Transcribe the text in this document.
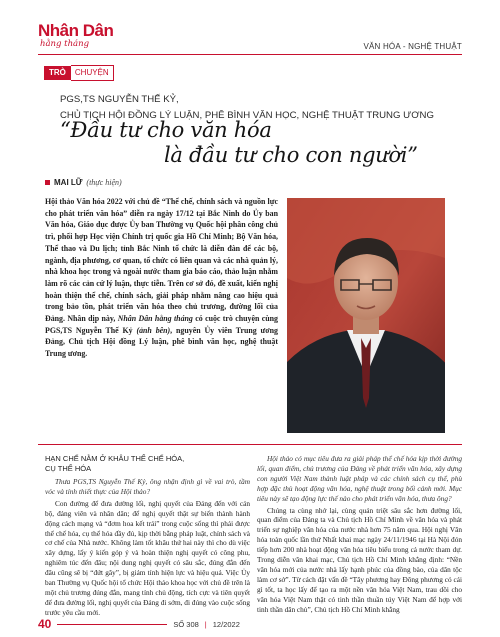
Nhân Dân
hằng tháng	VĂN HÓA - NGHỆ THUẬT
TRÒ	CHUYỆN
PGS,TS NGUYỄN THẾ KỶ,
CHỦ TỊCH HỘI ĐỒNG LÝ LUẬN, PHÊ BÌNH VĂN HỌC, NGHỆ THUẬT TRUNG ƯƠNG
“Đầu tư cho văn hóa
là đầu tư cho con người”
MAI LỮ (thực hiện)
Hội thảo Văn hóa 2022 với chủ đề “Thể chế, chính sách và nguồn lực cho phát triển văn hóa” diễn ra ngày 17/12 tại Bắc Ninh do Ủy ban Văn hóa, Giáo dục được Ủy ban Thường vụ Quốc hội phân công chủ trì, phối hợp Học viện Chính trị quốc gia Hồ Chí Minh; Bộ Văn hóa, Thể thao và Du lịch; tỉnh Bắc Ninh tổ chức là diễn đàn để các bộ, ngành, địa phương, cơ quan, tổ chức có liên quan và các nhà quản lý, nhà khoa học trong và ngoài nước tham gia báo cáo, thảo luận nhằm làm rõ các cản cứ lý luận, thực tiễn. Trên cơ sở đó, đề xuất, kiến nghị hoàn thiện thể chế, chính sách, giải pháp nhằm nâng cao hiệu quả trong bảo tồn, phát triển văn hóa theo chủ trương, đường lối của Đảng. Nhân dịp này, Nhân Dân hằng tháng có cuộc trò chuyện cùng PGS,TS Nguyễn Thế Kỷ (ảnh bên), nguyên Ủy viên Trung ương Đảng, Chủ tịch Hội đồng Lý luận, phê bình văn học, nghệ thuật Trung ương.
HẠN CHẾ NẰM Ở KHÂU THỂ CHẾ HÓA,
CỤ THỂ HÓA
Thưa PGS,TS Nguyễn Thế Kỷ, ông nhận định gì về vai trò, tầm vóc và tính thiết thực của Hội thảo?
Con đường để đưa đường lối, nghị quyết của Đảng đến với cán bộ, đảng viên và nhân dân; để nghị quyết thật sự biến thành hành động cách mạng và “đơm hoa kết trái” trong cuộc sống thì phải được thể chế hóa, cụ thể hóa đầy đủ, kịp thời bằng pháp luật, chính sách và cơ chế của Nhà nước. Không làm tốt khâu thứ hai này thì cho dù việc xây dựng, lấy ý kiến góp ý và hoàn thiện nghị quyết có công phu, nghiêm túc đến đâu; nội dung nghị quyết có sâu sắc, đúng đắn đến đâu cũng sẽ bị “đứt gãy”, bị giảm tính hiện lực và hiệu quả. Việc Ủy ban Thường vụ Quốc hội tổ chức Hội thảo khoa học với chủ đề trên là một chủ trương đúng đắn, mang tính chủ động, tích cực và tiên quyết để đưa đường lối, nghị quyết của Đảng đi sớm, đi đúng vào cuộc sống trước yêu cầu mới.
Hội thảo có mục tiêu đưa ra giải pháp thể chế hóa kịp thời đường lối, quan điểm, chủ trương của Đảng về phát triển văn hóa, xây dựng con người Việt Nam thành luật pháp và các chính sách cụ thể, phù hợp đặc thù hoạt động văn hóa, nghệ thuật trong bối cảnh mới. Mục tiêu này sẽ tạo động lực thế nào cho phát triển văn hóa, thưa ông?
Chúng ta cùng nhớ lại, cùng quán triệt sâu sắc hơn đường lối, quan điểm của Đảng ta và Chủ tịch Hồ Chí Minh về văn hóa và phát triển sự nghiệp văn hóa của nước nhà hơn 75 năm qua. Hội nghị Văn hóa toàn quốc lần thứ Nhất khai mạc ngày 24/11/1946 tại Hà Nội đón tiếp hơn 200 nhà hoạt động văn hóa tiêu biểu trong cả nước tham dự. Trong diễn văn khai mạc, Chủ tịch Hồ Chí Minh khẳng định: “Nền văn hóa mới của nước nhà lấy hạnh phúc của đồng bào, của dân tộc làm cơ sở”. Từ cách đặt vấn đề “Tây phương hay Đông phương có cái gì tốt, ta học lấy để tạo ra một nền văn hóa Việt Nam, trau dồi cho văn hóa Việt Nam thật có tinh thần thuần túy Việt Nam để hợp với tinh thần dân chủ”, Chủ tịch Hồ Chí Minh khẳng
40	SỐ 308 | 12/2022
